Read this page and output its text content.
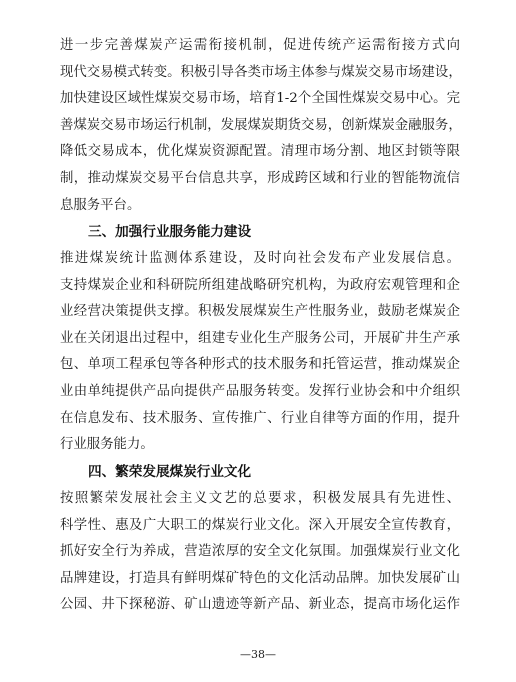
进一步完善煤炭产运需衔接机制，促进传统产运需衔接方式向
现代交易模式转变。积极引导各类市场主体参与煤炭交易市场建设，
加快建设区域性煤炭交易市场，培育1-2个全国性煤炭交易中心。完
善煤炭交易市场运行机制，发展煤炭期货交易，创新煤炭金融服务，
降低交易成本，优化煤炭资源配置。清理市场分割、地区封锁等限
制，推动煤炭交易平台信息共享，形成跨区域和行业的智能物流信
息服务平台。
三、加强行业服务能力建设
推进煤炭统计监测体系建设，及时向社会发布产业发展信息。
支持煤炭企业和科研院所组建战略研究机构，为政府宏观管理和企
业经营决策提供支撑。积极发展煤炭生产性服务业，鼓励老煤炭企
业在关闭退出过程中，组建专业化生产服务公司，开展矿井生产承
包、单项工程承包等各种形式的技术服务和托管运营，推动煤炭企
业由单纯提供产品向提供产品服务转变。发挥行业协会和中介组织
在信息发布、技术服务、宣传推广、行业自律等方面的作用，提升
行业服务能力。
四、繁荣发展煤炭行业文化
按照繁荣发展社会主义文艺的总要求，积极发展具有先进性、
科学性、惠及广大职工的煤炭行业文化。深入开展安全宣传教育，
抓好安全行为养成，营造浓厚的安全文化氛围。加强煤炭行业文化
品牌建设，打造具有鲜明煤矿特色的文化活动品牌。加快发展矿山
公园、井下探秘游、矿山遗迹等新产品、新业态，提高市场化运作
—38—
